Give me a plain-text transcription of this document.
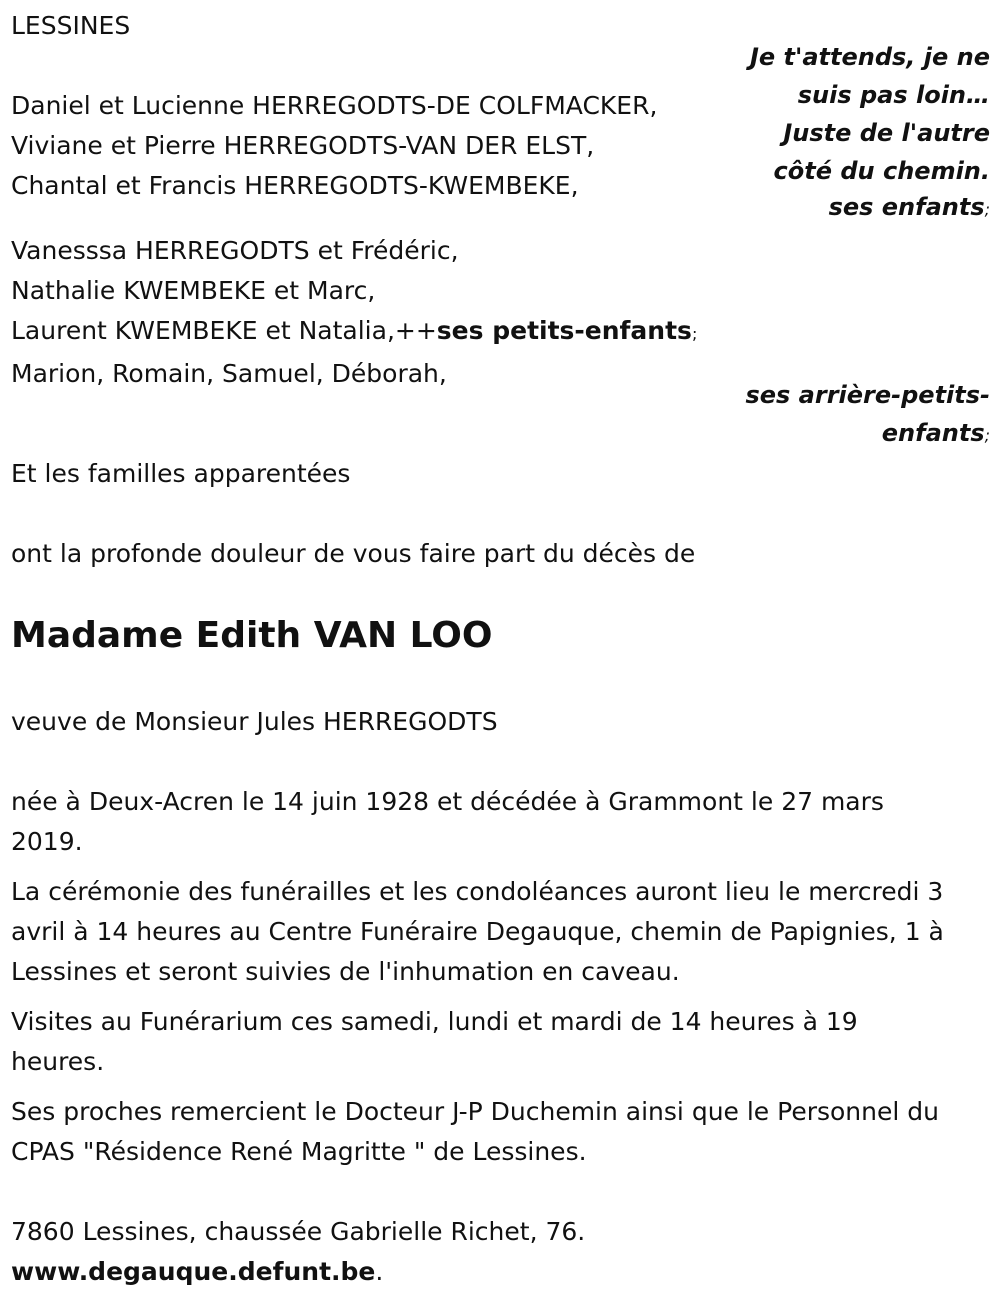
LESSINES
Je t'attends, je ne
suis pas loin…
Juste de l'autre
côté du chemin.
ses enfants;
Daniel et Lucienne HERREGODTS-DE COLFMACKER,
Viviane et Pierre HERREGODTS-VAN DER ELST,
Chantal et Francis HERREGODTS-KWEMBEKE,
Vanesssa HERREGODTS et Frédéric,
Nathalie KWEMBEKE et Marc,
Laurent KWEMBEKE et Natalia,++ses petits-enfants;
Marion, Romain, Samuel, Déborah,
ses arrière-petits-
enfants;
Et les familles apparentées
ont la profonde douleur de vous faire part du décès de
Madame Edith VAN LOO
veuve de Monsieur Jules HERREGODTS
née à Deux-Acren le 14 juin 1928 et décédée à Grammont le 27 mars 2019.
La cérémonie des funérailles et les condoléances auront lieu le mercredi 3 avril à 14 heures au Centre Funéraire Degauque, chemin de Papignies, 1 à Lessines et seront suivies de l'inhumation en caveau.
Visites au Funérarium ces samedi, lundi et mardi de 14 heures à 19 heures.
Ses proches remercient le Docteur J-P Duchemin ainsi que le Personnel du CPAS "Résidence René Magritte " de Lessines.
7860 Lessines, chaussée Gabrielle Richet, 76.
www.degauque.defunt.be.
